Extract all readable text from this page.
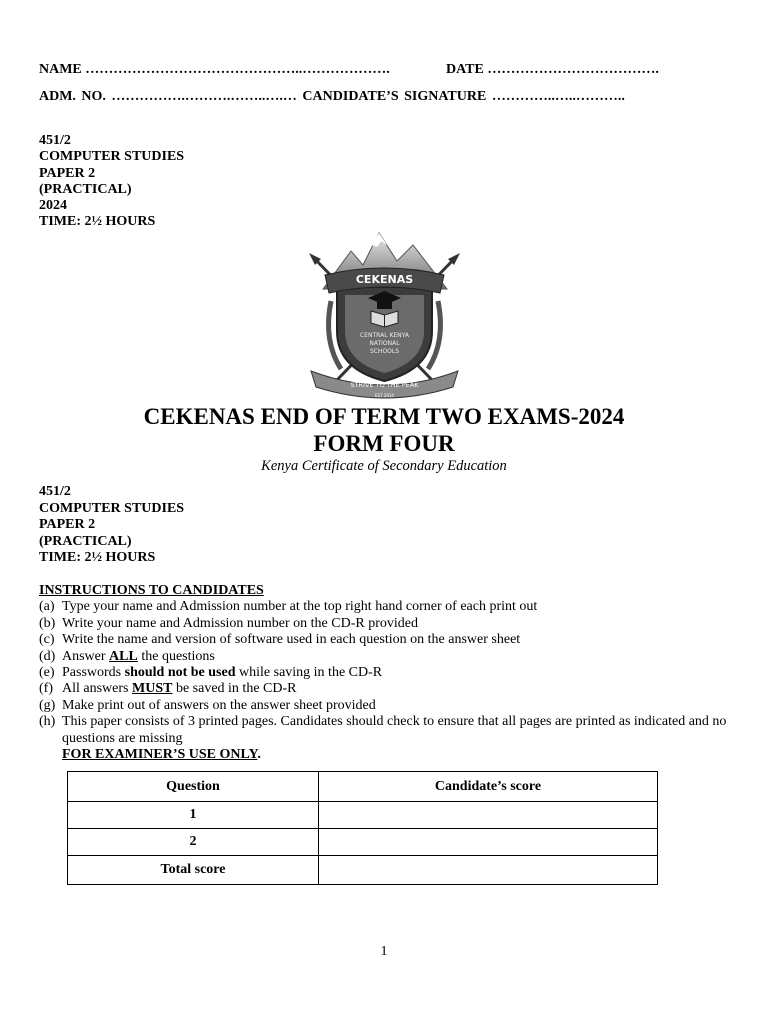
NAME ………………………………………..……………….	DATE ……………………………….
ADM. NO. …………….……….……..….… CANDIDATE’S SIGNATURE …………..…..………..
451/2
COMPUTER STUDIES
PAPER 2
(PRACTICAL)
2024
TIME: 2½ HOURS
CEKENAS
CENTRAL KENYA
NATIONAL
SCHOOLS
STRIVE TO THE PEAK
EST 2014
CEKENAS END OF TERM TWO EXAMS-2024
FORM FOUR
Kenya Certificate of Secondary Education
451/2
COMPUTER STUDIES
PAPER 2
(PRACTICAL)
TIME: 2½ HOURS
INSTRUCTIONS TO CANDIDATES
(a) Type your name and Admission number at the top right hand corner of each print out
(b) Write your name and Admission number on the CD-R provided
(c) Write the name and version of software used in each question on the answer sheet
(d) Answer ALL the questions
(e) Passwords should not be used while saving in the CD-R
(f) All answers MUST be saved in the CD-R
(g) Make print out of answers on the answer sheet provided
(h) This paper consists of 3 printed pages. Candidates should check to ensure that all pages are printed as indicated and no questions are missing
FOR EXAMINER’S USE ONLY.
Question	Candidate’s score
1	
2	
Total score	
1
